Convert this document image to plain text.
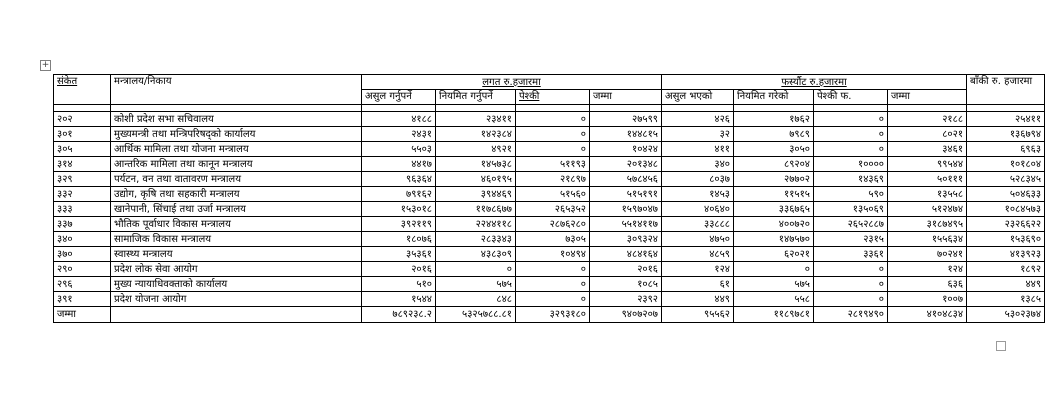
+
संकेत	मन्त्रालय/निकाय	लगत रु.हजारमा				फर्स्यौट रु.हजारमा				बाँकी रु. हजारमा
		असुल गर्नुपर्ने	नियमित गर्नुपर्ने	पेश्की	जम्मा	असुल भएको	नियमित गरेको	पेश्की फ.	जम्मा	

२०२	कोशी प्रदेश सभा सचिवालय	४१८८	२३४११	०	२७५९९	४२६	१७६२	०	२१८८	२५४११
३०१	मुख्यमन्त्री तथा मन्त्रिपरिषद्को कार्यालय	२४३१	१४२३८४	०	१४४८१५	३२	७९८९	०	८०२१	१३६७९४
३०५	आर्थिक मामिला तथा योजना मन्त्रालय	५५०३	४९२१	०	१०४२४	४११	३०५०	०	३४६१	६९६३
३१४	आन्तरिक मामिला तथा कानून मन्त्रालय	४४१७	१४५७३८	५११९३	२०१३४८	३४०	८९२०४	१००००	९९५४४	१०१८०४
३२९	पर्यटन, वन तथा वातावरण मन्त्रालय	९६३६४	४६०१९५	२१८९७	५७८४५६	८०३७	२७७०२	१४३६९	५०१११	५२८३४५
३३२	उद्योग, कृषि तथा सहकारी मन्त्रालय	७९१६२	३९४४६९	५१५६०	५१५१९१	१४५३	११५१५	५९०	१३५५८	५०४६३३
३३३	खानेपानी, सिंचाई तथा उर्जा मन्त्रालय	१५३०१८	११७८६७७	२६५३५२	१५९७०४७	४०६४०	३३६७६५	१३५०६९	५१२४७४	१०८४५७३
३३७	भौतिक पूर्वाधार विकास मन्त्रालय	३९२११९	२२४४११८	२८७६२८०	५५१४११७	३३८८८	४००७२०	२६५२८८७	३१८७४९५	२३२६६२२
३४०	सामाजिक विकास मन्त्रालय	१८०७६	२८३३४३	७३०५	३०९३२४	४७५०	१४७५७०	२३१५	१५५६३४	१५३६९०
३७०	स्वास्थ्य मन्त्रालय	३५३६१	४३८३०९	१०४९४	४८४१६४	४८५९	६२०२१	३३६१	७०२४१	४१३९२३
२९०	प्रदेश लोक सेवा आयोग	२०१६	०	०	२०१६	१२४	०	०	१२४	१८९२
२९६	मुख्य न्यायाधिवक्ताको कार्यालय	५१०	५७५	०	१०८५	६१	५७५	०	६३६	४४९
३९१	प्रदेश योजना आयोग	१५४४	८४८	०	२३९२	४४९	५५८	०	१००७	१३८५
जम्मा		७८९२३८.२	५३२५७८८.८१	३२९३१८०	९४०७२०७	९५५६२	११८९७८१	२८१९४९०	४१०४८३४	५३०२३७४
